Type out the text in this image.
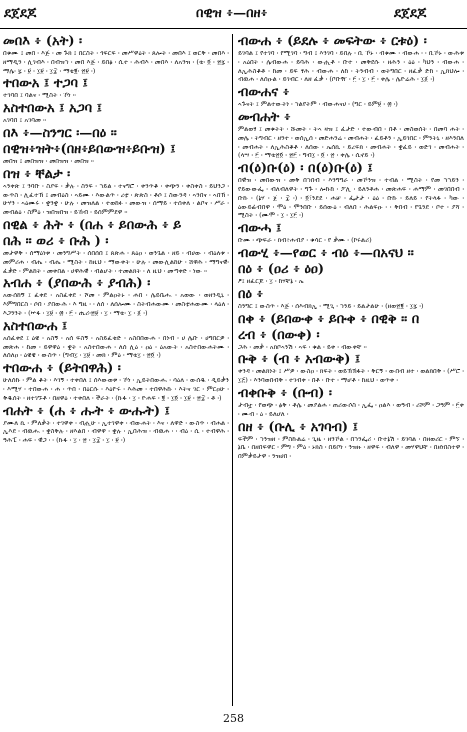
ደጀደጆ	በዊዝ ፥—በዘ፥	ደጀደጆ
መበእ ፥ (አት) ፡
በቁሙ ፤ መበ ፡ እጅ ፡ መ ጉክ ፤ በርስት ፡ ጎፍርፍ ፡ መሥዋዕት ፡ ጸሎት ፡ መበእ ፤ ወርቅ ፡ መበእ ፡ ዘማዲን ፡ ሊገብእ ፡ በብዝኀ ፡ መበ እጅ ፡ ይበፅ ፡ ሲተ ፡ ሕብእ ፡ መበእ ፡ ለአንዝ ፡ (ቴ፡ ፬ ፡ ፳፯ ፡ ማሌ፡ ፯ ፡ ፱ ፡ ፲፱ ፡ ፲፰ ፡ ማቴ፪፡ ፳፱ ፡)
ተበውአ ፤ ተጋባ ፤
ተገባበ ፤ ባልና ፡ ሚስት ፡ ኾነ ፡፡
አስተበውአ ፤ አጋባ ፤
አገባበ ፤ አገባመ ፡፡
በእ ፥—ስንግር ፡—በዕ ፡፡
በዊዝ፥ዝት፥(በዘ፥ይበውዝ፥ይቡዝ) ፤
መበዝ ፤ መበዝዝ ፡ መበዝዝ ፡ መበዝ ፡፡
በዝ ፥ ቸልታ ፡
ኣንቀጽ ፤ ንባቡ ፡ ስያፍ ፡ ቃሉ ፡ ስንፍ ፡ ኀይል ፡ ተናግሮ ፡ ቀንጥቆ ፡ ቀጭን ፡ ቀስቀስ ፡ ይህንጋ ፡ ውጥስ ፡ ሊፈተኽ ፤ መብዕስ ፡ ኣይሙ ፡ እውልጥ ፡ ረቲ ፡ ጽጽስ ፡ ቶሶ ፤ ስውንዳ ፡ ኣንበና ፡ ኣበኽ ፡ ሁሃን ፡ ኣዕሙሩ ፡ ቋንቋ ፡ ሁሉ ፡ መዝለል ፡ ተወከፉ ፡ መውዝ ፡ ሰማይ ፡ ተሰቀለ ፡ ልቦና ፡ ሥራ ፡ መብልዕ ፡ ስምዕ ፡ ዝበዝበዝ ፡ ይኸብ ፡ ይሰምምደዋ ፡፡
በዊል ፥ ሕት ፥ (በሐ ፥ ይበውሕ ፥ ይ
በሕ ፡፡ ወሪ ፥ ቡሕ ) ፡
መታዋቅ ፡ ሰማዕነቱ ፡ መንግሥት ፡ ሰበሰበ ፤ ጸጽሐ ፡ ጸዕዐ ፡ ወንጌል ፡ ዘይ ፡ ብሀው ፡ ብዕለቱ ፡ መምሪሐ ፡ ብሔ ፡ ብሔ ፡ ሚስት ፡ ከዚህ ፡ ማውቀት ፡ ሁሉ ፡ መውሊልከሁ ፡ ሸዋሕ ፡ ማግናዊ፡ፈቃድ ፡ ምልከት ፡ መቀበል ፡ ሀዋሕዊ ፡ ብልሆት ፡ ተመልክት ፡ ለ ዚህ ፡ መጣቀድ ፡ ነው ፡፡
አብሐ ፥ (ያበውሕ ፥ ያብሕ) ፡
አውሰከኝ ፤ ፈቀደ ፡ አስፈቀደ ፡ ሾመ ፡ ምልዐትኑ ፡ ሐበ ፡ ሌይቤሑ ፡ አወው ፡ ወዘንዲኒ ፡ እምግበርስ ፡ ሶበ ፡ ያበውሕ ፡ እ ግዚ ፡ ፡ ለሰ ፡ ለሰሎሙ ፡ ስትብሐውሙ ፡ መስቲሐውሙ ፡ ላዕለ ፡ እጋንንት ፡ (ኵፋ ፡ ፲፱ ፡ ፴ ፡ ፫ ፡ ጢሪ፡፳፱ ፡ ፲ ፡ ማቴ፡ ፲ ፡ ፩ ፡)
አስተበውሐ ፤
አሰፈቀደ ፤ ዕዌ ፡ አስኝ ፡ አሰ ፍስኝ ፡ አስይፈቂድ ፡ አስበበውሐ ፡ በነብ ፡ ሀ ሌቡ ፡ ሀግበርዎ ፡ መጽሐ ፡ ከመ ፡ ይዋዋዕ ፡ ቋት ፡ አስተበውሐ ፡ ለሰ ሊዕ ፡ ዐዕ ፡ ዕአውት ፡ አስተበውሐትሙ ፡ ለሰለዐ ፡ ዕዌዌ ፡ ውስጥ ፡ (ግብ፲ ፡ ፲፱ ፡ መክ ፡ ምዕ ፡ ማቴ፲ ፡ ፳፬ ፡)
ተበውሐ ፥ (ይትበዋሕ) ፡
ሁለሰኩ ፡ ምል ቆት ፡ እገኝ ፡ ተቀበለ ፤ ሰእውወቱ ፡ ኾነ ፡ ኢይትበውሑ ፡ ሳዕለ ፡ ውሰዱ ፡ ዲይቃን ፡ እሚሃ ፡ ተበውሐ ፡ ሐ ፡ ጥበ ፡ በዕርሱ ፡ እዕዮሩ ፡ እሕመ ፡ ተበዋሕኩ ፡ እትና ገር ፡ ምርዐሁ ፡ ቅዱሰት ፡ ዘተገኙቶ ፡ በዘዋዕ ፡ ተቀበለ ፡ ችራት ፡ (ኩፋ ፡ ፲ ፡ ዮሐፍ ፡ ፪ ፡ ፲፬ ፡ ፲፱ ፡ ፳፰ ፡ ቶ ፡)
ብሐት ፥ (ሐ ፥ ሑት ፥ ውሑት) ፤
ያሙለ ኪ ፡ ምለቃት ፡ ተገዋቀ ፡ ብሒሁ ፡ ኢተገዋቀ ፡ ብውሐት ፡ እና ፡ ለዋድ ፡ ውስጥ ፡ ብሐል ፡ ኢእደ ፡ ብዉሑ ፡ ቋስቅሉ ፡ ዘእልበ ፡ ብዋዋ ፡ ቋሉ ፡ ኢበሕዝ ፡ ብዉሐ ፡ ፡ ብዕ ፡ ሲ ፡ ተብዋሕ ፡ ዓሕፒ ፡ ሐፍ ፡ ዊጋ ፡ ፡ (ኩፋ ፡ ፲ ፡ ፳ ፡ ፲፰ ፡ ፲ ፡ ፱ ፡)
ብውሐ ፥ (ይደሉ ፥ መፍትው ፥ ርቱዕ) ፡
ይገባል ፤ የተገባ ፡ የሚገባ ፡ ግብ ፤ እንገባ ፡ ይበሉ ፡ ቢ ኾኑ ፡ ብቁሙ ፡ ብውሐ ፡ ፡ ቢኾኑ ፡ ውሕቱ ፡ አዕበት ፡ ሌብውሐ ፡ ይባሕ ፡ ውሒቶ ፡ ቡተ ፡ መቅደሱ ፡ ዘሕን ፡ ዕዕ ፡ ካህን ፡ ብውሐ ፡ ለኢሕስቆቶ ፡ ከመ ፡ ይፍ ፃሕ ፡ ብውሐ ፡ ለከ ፡ ትንብብ ፡ ወትግበር ፡ ዘፈቃ ድከ ፡ ኢክህሎ ፡ ብዉሐ ፡ ለሰዑል ፡ ይገብር ፡ ለዘ ፈቃ ፡ (ቦቡዥ ፡ ፫ ፡ ፲ ፡ ፫ ፡ ቀሌ ፡ ሌዮሬሕ ፡ ፲፩ ፡)
ብውሐና ፥
ኣጉናት ፤ ምልተውትነ ፡ ኀልየትም ፡ ብውሐናሀ ፡ (ግር ፡ ይም፱ ፡ ፴ ፡)
መብሐት ፥
ምልወፃ ፤ መቁትት ፡ ሹመት ፡ ትኣ ዛዝ ፤ ፈታድ ፡ ተውብበ ፡ በቶ ፡ መስወሰት ፡ በመባ ሐት ፡ መሌ ፡ ትግብር ፡ ዘንተ ፡ ወሰኢሰ ፡ መድሐንሬ ፡ መብሐት ፡ ፈይቶን ፡ ኢይገበር ፡ ምንትኒ ፡ ዘእንበለ ፡ መብሐት ፡ ለኢሕስቆቶ ፡ ለሰው ፡ ኤሰኪ ፡ ይረፍክ ፡ መብሐት ፡ ቋፈይ ፡ ወድገ ፡ መብሐት ፡ (ላሣ ፡ ፫ ፡ ማቴ፳፬ ፡ ፳፫ ፡ ግብ፲ ፡ ፬ ፡ ፳ ፡ ቀሌ ፡ ሲኖይ ፡)
ብ(ዕ)ቡ(ዕ) ፡ በ(ዕ)ቡ(ዕ) ፤
በዊዝ ፡ መበውዝ ፡ መቅ በኀበብ ፡ እንግግራ ፡ መኾንዝ ፡ ተብል ፡ ሚስት ፡ የመ ኀኀይን ፡ የይውውፌ ፡ ብለብለዋት ፡ ግጉ ፡ ሎኩከ ፡ ፖሊ ፡ ይለንቶሐ ፡ መጽሐፍ ፡ ሐማም ፡ መገበበብ ፡ ቡኩ ፡ (ኔሃ ፡ ጀ ፡ ፰ ፡) ፡ ፬፣ንደደ ፡ ሐቻ ፡ ፌታታ ፡ ዕዕ ፡ ቡኩ ፡ ይለይ ፡ የትላፋ ፡ ካው ፡ ዕውይፊብበዋ ፡ ሞዕ ፡ ሞንበቡ ፡ ይሰውዕ ፡ ብለበ ፡ ሕልፍዑ ፡ ፡ ቅበብ ፡ የጌንደ ፡ ቦተ ፡ ያሻ ፡ ሚስት ፡ (ሙሞ ፡ ፲ ፡ ፲፫ ፡)
ብውሓ ፤
ቡሙ ፡ ጭፍራ ፡ ክብ፥ሐብያ ፡ ቁሳር ፡ የ ቃሙ ፡ (ኮሩልሪ)
ብውሂ ፥—የወር ፥ ብዕ ፥—በአናህ ፡፡
በዕ ፥ (ዐሪ ፥ ዕዐ)
ፆ፤ ዘፈርጆ ፡ ፲ ፡ ከሃቸኔ ፡ ኤ
በዕ ፥
ስንግር ፤ ውስጥ ፡ እጅ ፡ ሰእብክኢ ፡ ሚጊ ፡ ኀንይ ፡ ይልታልሁ ፡ (ዘወ፳፪ ፡ ፲፯ ፡)
በቀ ፥ (ይበውቀ ፥ ይቡቀ ፥ በዊቅ ፡፡ በ
ረብ ፥ (በውቀ) ፡
ጋሕ ፡ መቃ ፡ አክቦኣንሽ ፡ ኣፍ ፡ ቁል ፡ ይቀ ፡ ብውቀቸ ፡፡
ቡቅ ፥ (ብ ፥ አብውቅ) ፤
ቀንዳ ፡ መልክነት ፤ ሥዎ ፡ ውስዐ ፡ ክፍት ፡ ወይኽኽፋት ፡ ቅርኝ ፡ ውበብ ዘተ ፡ ወልክበቅ ፡ (ሥሮ ፡ ፲፭) ፡ እንባወበብቅ ፡ ተገብቀ ፡ በቶ ፡ ቡተ ፡ ማሆቶ ፡ ከዚህ ፡ ወጥቀ ፡
ብቀቡቅ ፥ (ቡብ) ፡
ታብቷ ፡ የወጭ ፡ ፅቅ ፡ ቶሌ ፡ መያልሐ ፡ ጠሪውሶስ ፡ ኢፌ ፡ ዐልእ ፡ ወዓብ ፡ ሪሾም ፡ ጋዓም ፡ ፫ቀ ፡ ሙብ ፡ ዕ ፡ ይለሆለ ፡
በዘ ፥ (ቡሊ ፥ አገባብ) ፤
ፍችም ፡ ኀንዝዘ ፡ ምስኩልሬ ፡ ጊዜ ፡ ዘንኾል ፡ በኀንፌሪ ፡ ቡተኔሽ ፡ ይገባል ፡ በዘወሪር ፡ ምኘ ፡ ኔቤ ፡ በዘበፍዋር ፡ ምግ ፡ ምዕ ፡ ኑክስ ፡ በይቦነ ፡ ንዝዙ ፡ ዘዋፍ ፡ ብለዋ ፡ መሃዋህቸ ፡ በዘነበስተዋ ፡ በምቃይታዋ ፡ ንዝሀበ ፡
258
